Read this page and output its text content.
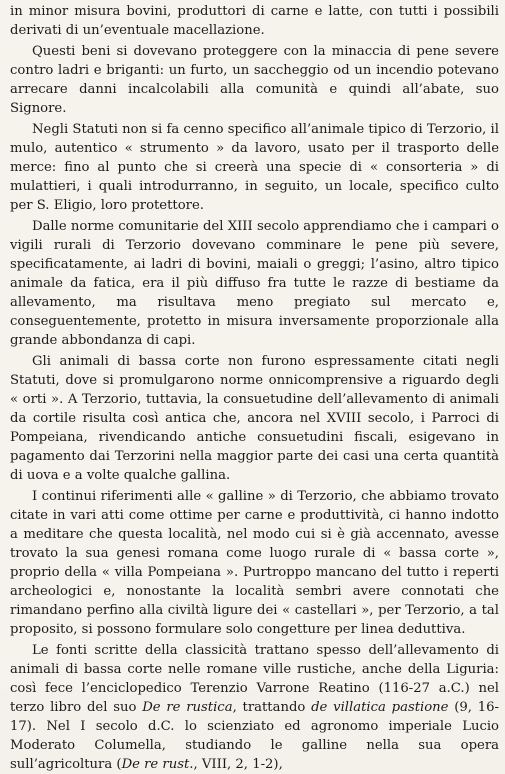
in minor misura bovini, produttori di carne e latte, con tutti i possibili derivati di un’eventuale macellazione.

Questi beni si dovevano proteggere con la minaccia di pene severe contro ladri e briganti: un furto, un saccheggio od un incendio potevano arrecare danni incalcolabili alla comunità e quindi all’abate, suo Signore.

Negli Statuti non si fa cenno specifico all’animale tipico di Terzorio, il mulo, autentico « strumento » da lavoro, usato per il trasporto delle merce: fino al punto che si creerà una specie di « consorteria » di mulattieri, i quali introdurranno, in seguito, un locale, specifico culto per S. Eligio, loro protettore.

Dalle norme comunitarie del XIII secolo apprendiamo che i campari o vigili rurali di Terzorio dovevano comminare le pene più severe, specificatamente, ai ladri di bovini, maiali o greggi; l’asino, altro tipico animale da fatica, era il più diffuso fra tutte le razze di bestiame da allevamento, ma risultava meno pregiato sul mercato e, conseguentemente, protetto in misura inversamente proporzionale alla grande abbondanza di capi.

Gli animali di bassa corte non furono espressamente citati negli Statuti, dove si promulgarono norme onnicomprensive a riguardo degli « orti ». A Terzorio, tuttavia, la consuetudine dell’allevamento di animali da cortile risulta così antica che, ancora nel XVIII secolo, i Parroci di Pompeiana, rivendicando antiche consuetudini fiscali, esigevano in pagamento dai Terzorini nella maggior parte dei casi una certa quantità di uova e a volte qualche gallina.

I continui riferimenti alle « galline » di Terzorio, che abbiamo trovato citate in vari atti come ottime per carne e produttività, ci hanno indotto a meditare che questa località, nel modo cui si è già accennato, avesse trovato la sua genesi romana come luogo rurale di « bassa corte », proprio della « villa Pompeiana ». Purtroppo mancano del tutto i reperti archeologici e, nonostante la località sembri avere connotati che rimandano perfino alla civiltà ligure dei « castellari », per Terzorio, a tal proposito, si possono formulare solo congetture per linea deduttiva.

Le fonti scritte della classicità trattano spesso dell’allevamento di animali di bassa corte nelle romane ville rustiche, anche della Liguria: così fece l’enciclopedico Terenzio Varrone Reatino (116-27 a.C.) nel terzo libro del suo De re rustica, trattando de villatica pastione (9, 16-17). Nel I secolo d.C. lo scienziato ed agronomo imperiale Lucio Moderato Columella, studiando le galline nella sua opera sull’agricoltura (De re rust., VIII, 2, 1-2),
